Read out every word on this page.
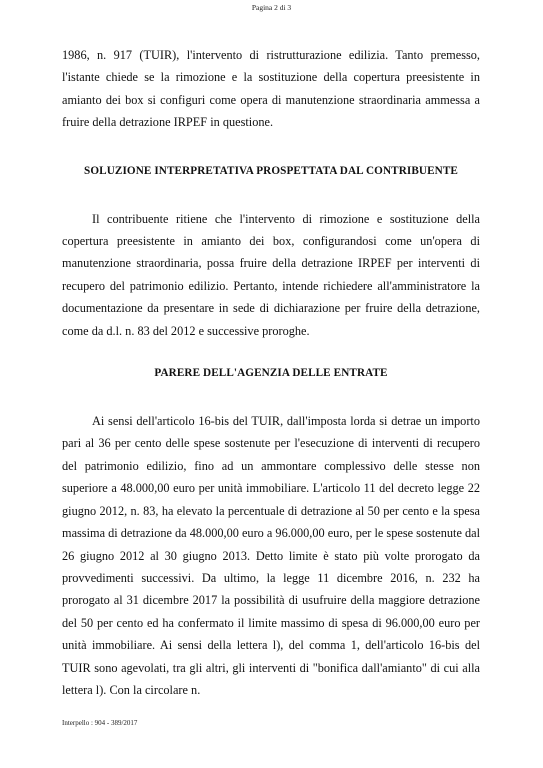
Pagina 2 di 3

1986, n. 917 (TUIR), l'intervento di ristrutturazione edilizia. Tanto premesso, l'istante chiede se la rimozione e la sostituzione della copertura preesistente in amianto dei box si configuri come opera di manutenzione straordinaria ammessa a fruire della detrazione IRPEF in questione.

SOLUZIONE INTERPRETATIVA PROSPETTATA DAL CONTRIBUENTE

Il contribuente ritiene che l'intervento di rimozione e sostituzione della copertura preesistente in amianto dei box, configurandosi come un'opera di manutenzione straordinaria, possa fruire della detrazione IRPEF per interventi di recupero del patrimonio edilizio. Pertanto, intende richiedere all'amministratore la documentazione da presentare in sede di dichiarazione per fruire della detrazione, come da d.l. n. 83 del 2012 e successive proroghe.

PARERE DELL'AGENZIA DELLE ENTRATE

Ai sensi dell'articolo 16-bis del TUIR, dall'imposta lorda si detrae un importo pari al 36 per cento delle spese sostenute per l'esecuzione di interventi di recupero del patrimonio edilizio, fino ad un ammontare complessivo delle stesse non superiore a 48.000,00 euro per unità immobiliare. L'articolo 11 del decreto legge 22 giugno 2012, n. 83, ha elevato la percentuale di detrazione al 50 per cento e la spesa massima di detrazione da 48.000,00 euro a 96.000,00 euro, per le spese sostenute dal 26 giugno 2012 al 30 giugno 2013. Detto limite è stato più volte prorogato da provvedimenti successivi. Da ultimo, la legge 11 dicembre 2016, n. 232 ha prorogato al 31 dicembre 2017 la possibilità di usufruire della maggiore detrazione del 50 per cento ed ha confermato il limite massimo di spesa di 96.000,00 euro per unità immobiliare. Ai sensi della lettera l), del comma 1, dell'articolo 16-bis del TUIR sono agevolati, tra gli altri, gli interventi di "bonifica dall'amianto" di cui alla lettera l). Con la circolare n.

Interpello : 904 - 389/2017
